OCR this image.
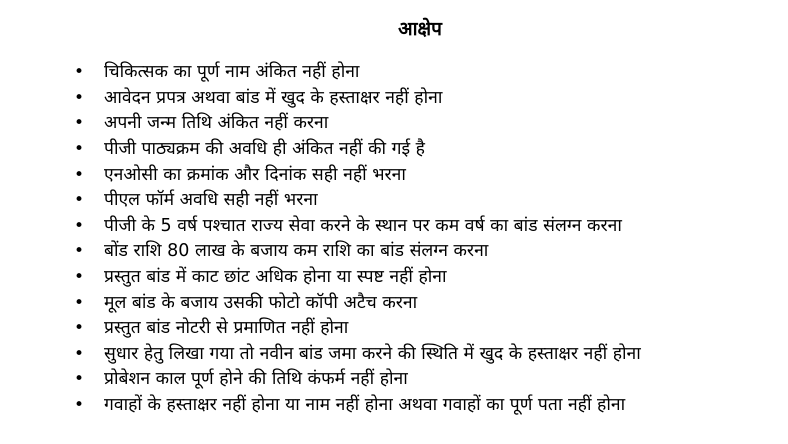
आक्षेप
•	चिकित्सक का पूर्ण नाम अंकित नहीं होना
•	आवेदन प्रपत्र अथवा बांड में खुद के हस्ताक्षर नहीं होना
•	अपनी जन्म तिथि अंकित नहीं करना
•	पीजी पाठ्यक्रम की अवधि ही अंकित नहीं की गई है
•	एनओसी का क्रमांक और दिनांक सही नहीं भरना
•	पीएल फॉर्म अवधि सही नहीं भरना
•	पीजी के 5 वर्ष पश्चात राज्य सेवा करने के स्थान पर कम वर्ष का बांड संलग्न करना
•	बोंड राशि 80 लाख के बजाय कम राशि का बांड संलग्न करना
•	प्रस्तुत बांड में काट छांट अधिक होना या स्पष्ट नहीं होना
•	मूल बांड के बजाय उसकी फोटो कॉपी अटैच करना
•	प्रस्तुत बांड नोटरी से प्रमाणित नहीं होना
•	सुधार हेतु लिखा गया तो नवीन बांड जमा करने की स्थिति में खुद के हस्ताक्षर नहीं होना
•	प्रोबेशन काल पूर्ण होने की तिथि कंफर्म नहीं होना
•	गवाहों के हस्ताक्षर नहीं होना या नाम नहीं होना अथवा गवाहों का पूर्ण पता नहीं होना
